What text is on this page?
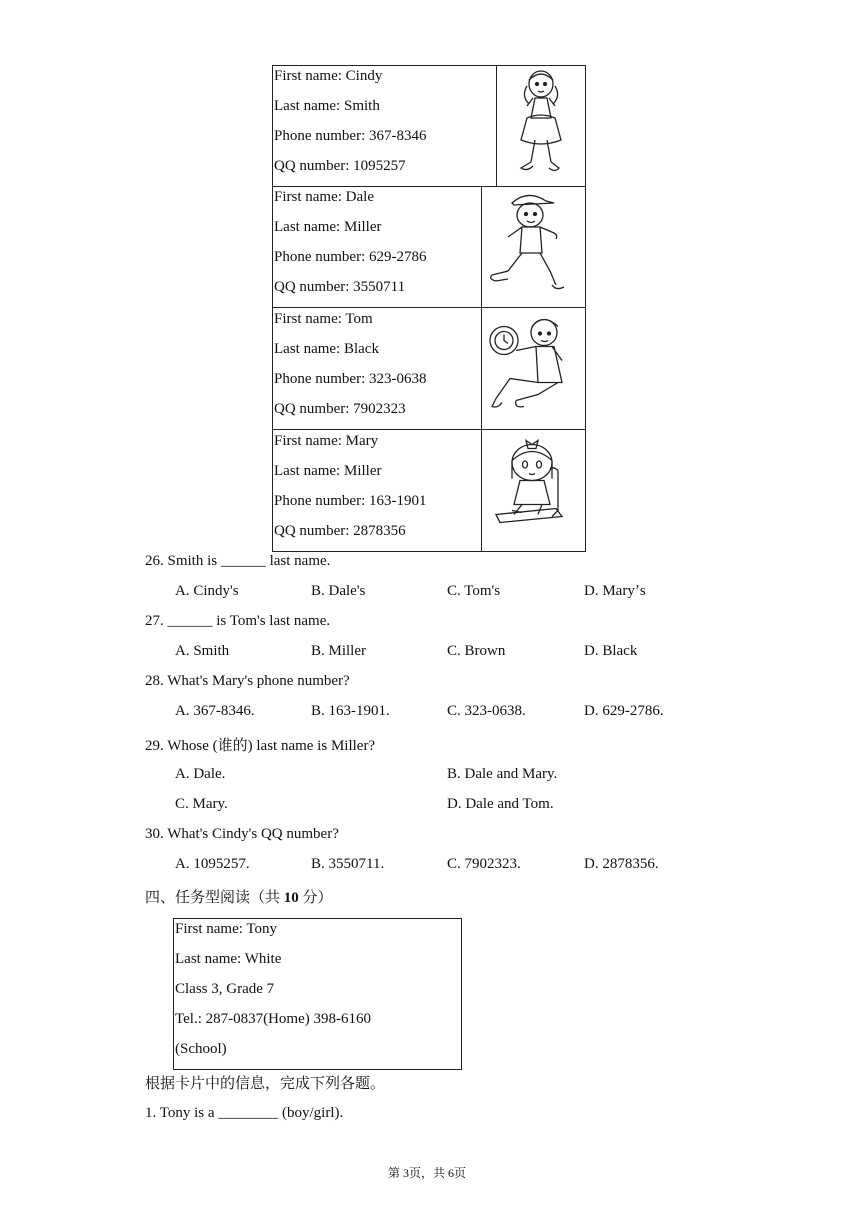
First name: Cindy
Last name: Smith
Phone number: 367-8346
QQ number: 1095257
First name: Dale
Last name: Miller
Phone number: 629-2786
QQ number: 3550711
First name: Tom
Last name: Black
Phone number: 323-0638
QQ number: 7902323
First name: Mary
Last name: Miller
Phone number: 163-1901
QQ number: 2878356
26. Smith is ______ last name.
A. Cindy's	B. Dale's	C. Tom's	D. Maryʼs
27. ______ is Tom's last name.
A. Smith	B. Miller	C. Brown	D. Black
28. What's Mary's phone number?
A. 367-8346.	B. 163-1901.	C. 323-0638.	D. 629-2786.
29. Whose (谁的) last name is Miller?
A. Dale.	B. Dale and Mary.
C. Mary.	D. Dale and Tom.
30. What's Cindy's QQ number?
A. 1095257.	B. 3550711.	C. 7902323.	D. 2878356.
四、任务型阅读（共 10 分）
First name: Tony
Last name: White
Class 3, Grade 7
Tel.: 287-0837(Home) 398-6160
(School)
根据卡片中的信息，完成下列各题。
1. Tony is a ________ (boy/girl).
第 3页，共 6页
